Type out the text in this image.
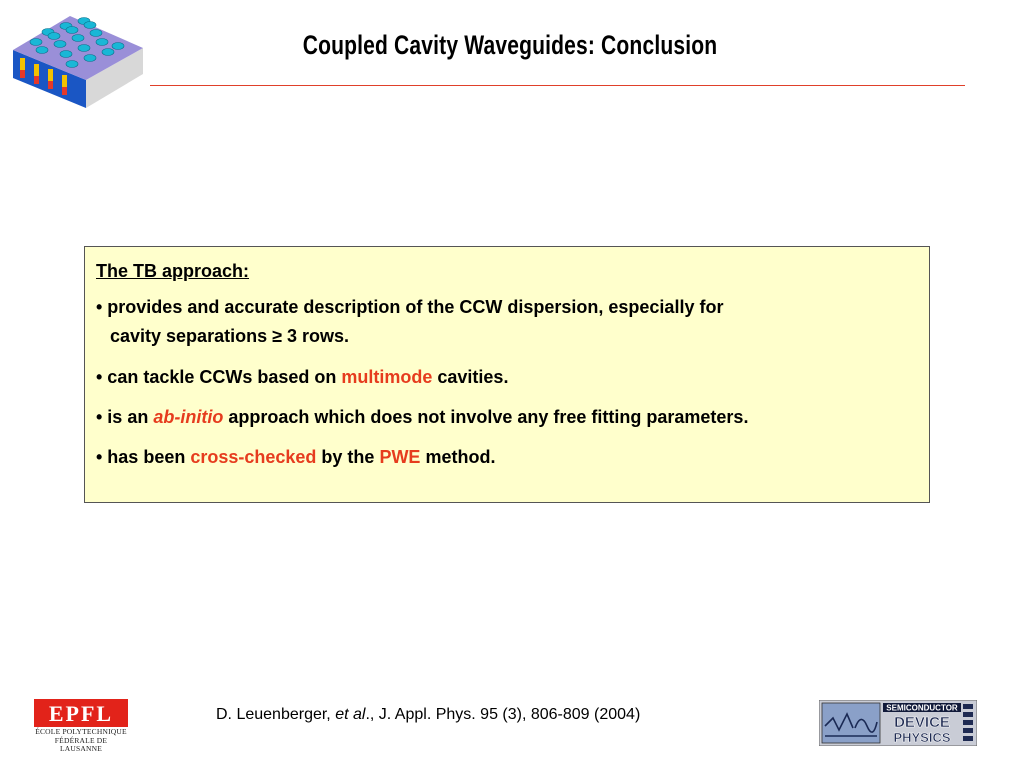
Coupled Cavity Waveguides: Conclusion

The TB approach:

• provides and accurate description of the CCW dispersion, especially for
cavity separations ≥ 3 rows.

• can tackle CCWs based on multimode cavities.

• is an ab-initio approach which does not involve any free fitting parameters.

• has been cross-checked by the PWE method.

EPFL
ÉCOLE POLYTECHNIQUE
FÉDÉRALE DE LAUSANNE
D. Leuenberger, et al., J. Appl. Phys. 95 (3), 806-809 (2004)	SEMICONDUCTOR
DEVICE
PHYSICS
